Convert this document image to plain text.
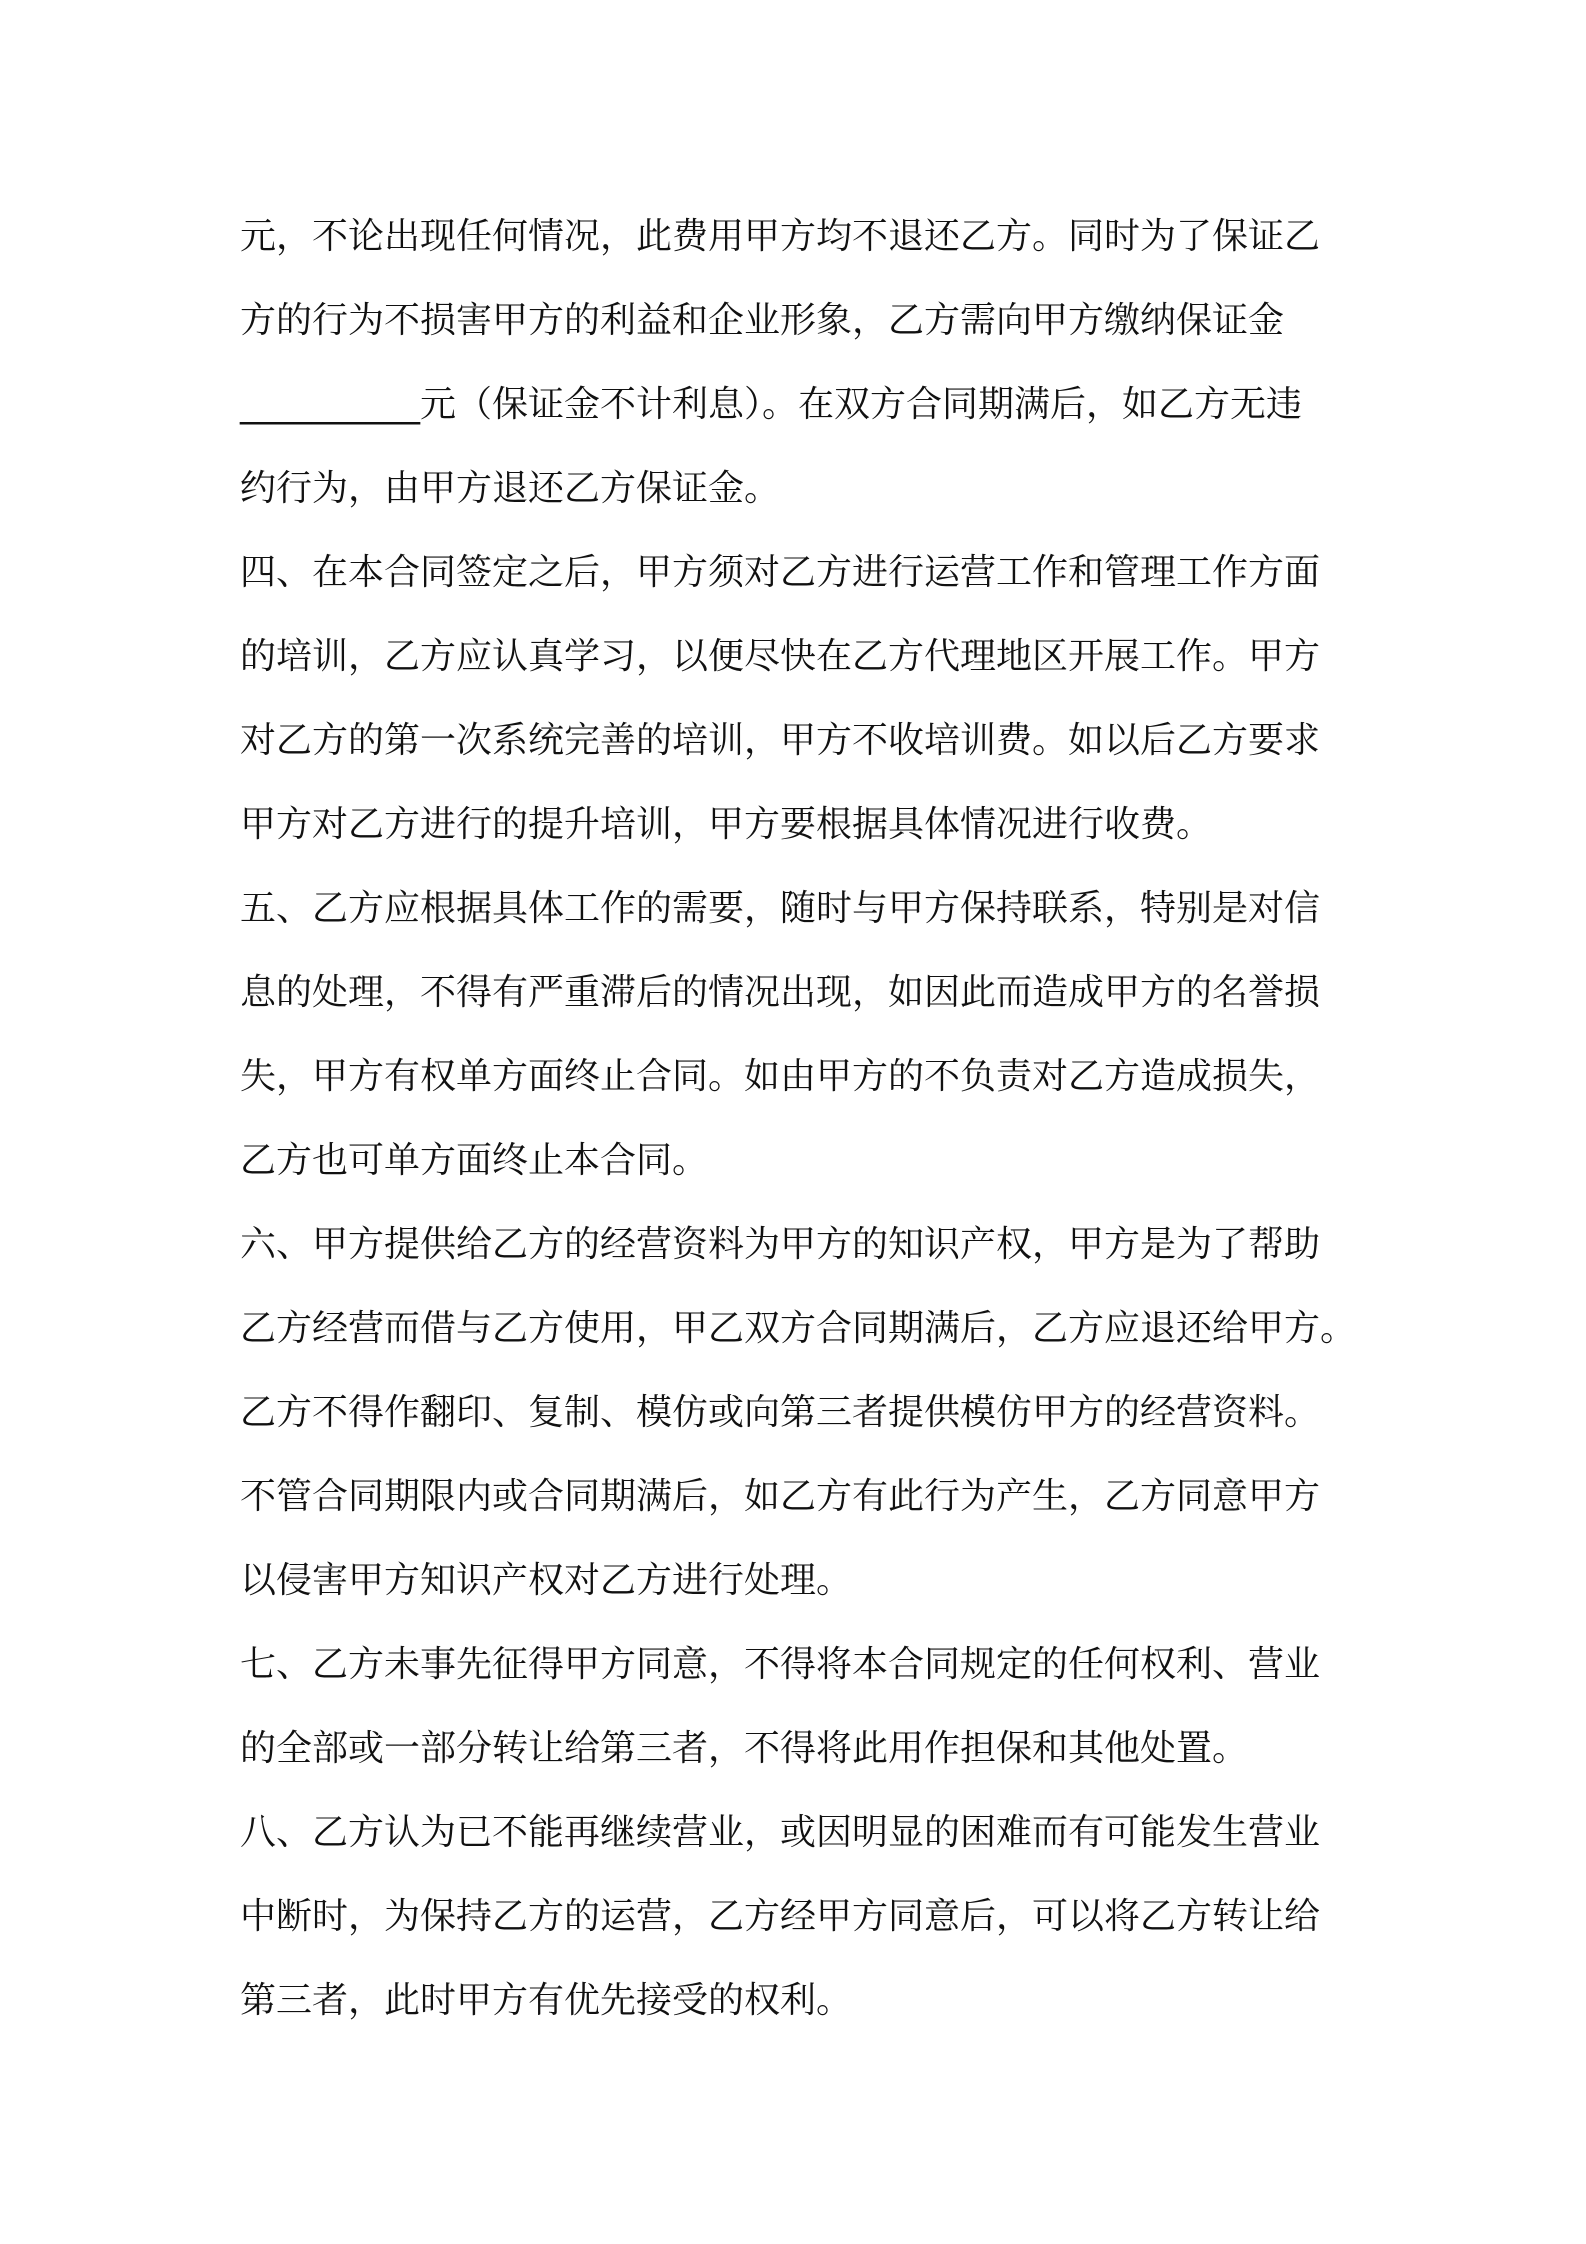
元，不论出现任何情况，此费用甲方均不退还乙方。同时为了保证乙
方的行为不损害甲方的利益和企业形象，乙方需向甲方缴纳保证金
__________元（保证金不计利息）。在双方合同期满后，如乙方无违
约行为，由甲方退还乙方保证金。
四、在本合同签定之后，甲方须对乙方进行运营工作和管理工作方面
的培训，乙方应认真学习，以便尽快在乙方代理地区开展工作。甲方
对乙方的第一次系统完善的培训，甲方不收培训费。如以后乙方要求
甲方对乙方进行的提升培训，甲方要根据具体情况进行收费。
五、乙方应根据具体工作的需要，随时与甲方保持联系，特别是对信
息的处理，不得有严重滞后的情况出现，如因此而造成甲方的名誉损
失，甲方有权单方面终止合同。如由甲方的不负责对乙方造成损失，
乙方也可单方面终止本合同。
六、甲方提供给乙方的经营资料为甲方的知识产权，甲方是为了帮助
乙方经营而借与乙方使用，甲乙双方合同期满后，乙方应退还给甲方。
乙方不得作翻印、复制、模仿或向第三者提供模仿甲方的经营资料。
不管合同期限内或合同期满后，如乙方有此行为产生，乙方同意甲方
以侵害甲方知识产权对乙方进行处理。
七、乙方未事先征得甲方同意，不得将本合同规定的任何权利、营业
的全部或一部分转让给第三者，不得将此用作担保和其他处置。
八、乙方认为已不能再继续营业，或因明显的困难而有可能发生营业
中断时，为保持乙方的运营，乙方经甲方同意后，可以将乙方转让给
第三者，此时甲方有优先接受的权利。
